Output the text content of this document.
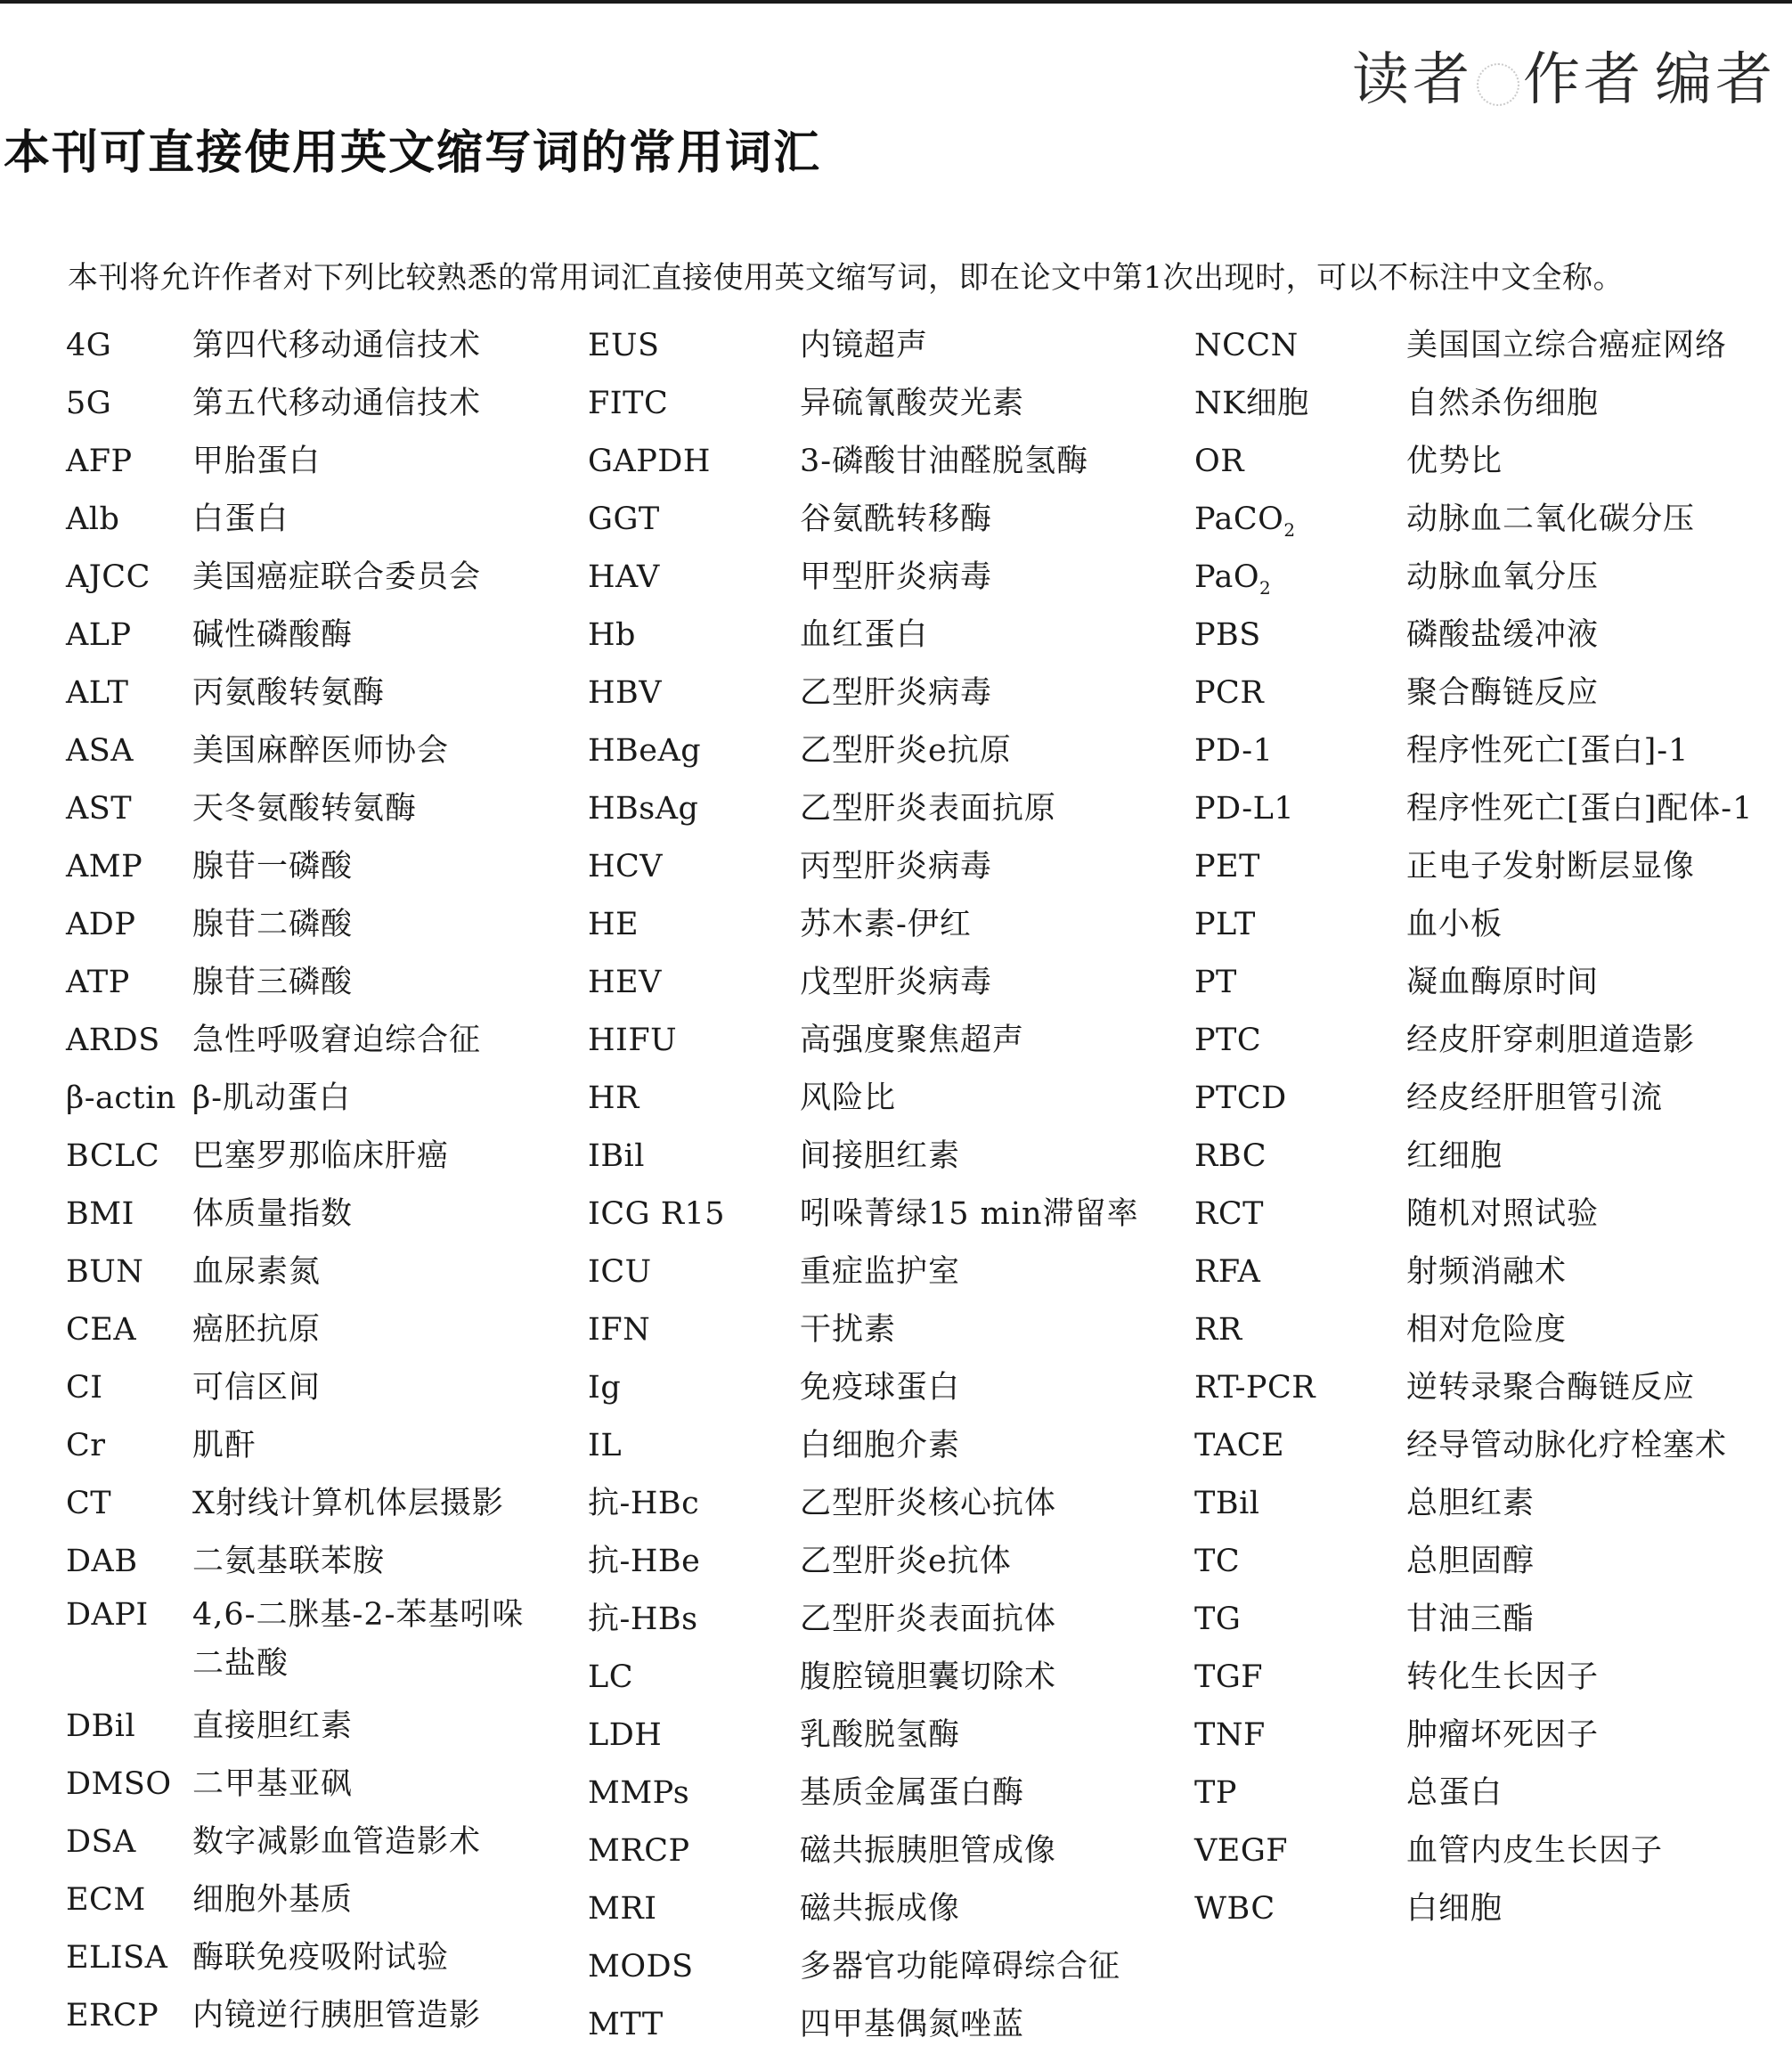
读者 作者 编者
本刊可直接使用英文缩写词的常用词汇

本刊将允许作者对下列比较熟悉的常用词汇直接使用英文缩写词，即在论文中第1次出现时，可以不标注中文全称。

4G	第四代移动通信技术
5G	第五代移动通信技术
AFP	甲胎蛋白
Alb	白蛋白
AJCC	美国癌症联合委员会
ALP	碱性磷酸酶
ALT	丙氨酸转氨酶
ASA	美国麻醉医师协会
AST	天冬氨酸转氨酶
AMP	腺苷一磷酸
ADP	腺苷二磷酸
ATP	腺苷三磷酸
ARDS	急性呼吸窘迫综合征
β-actin β-肌动蛋白
BCLC	巴塞罗那临床肝癌
BMI	体质量指数
BUN	血尿素氮
CEA	癌胚抗原
CI	可信区间
Cr	肌酐
CT	X射线计算机体层摄影
DAB	二氨基联苯胺
DAPI	4,6-二脒基-2-苯基吲哚二盐酸
DBil	直接胆红素
DMSO 二甲基亚砜
DSA	数字减影血管造影术
ECM	细胞外基质
ELISA 酶联免疫吸附试验
ERCP	内镜逆行胰胆管造影
EUS	内镜超声
FITC	异硫氰酸荧光素
GAPDH	3-磷酸甘油醛脱氢酶
GGT	谷氨酰转移酶
HAV	甲型肝炎病毒
Hb	血红蛋白
HBV	乙型肝炎病毒
HBeAg	乙型肝炎e抗原
HBsAg	乙型肝炎表面抗原
HCV	丙型肝炎病毒
HE	苏木素-伊红
HEV	戊型肝炎病毒
HIFU	高强度聚焦超声
HR	风险比
IBil	间接胆红素
ICG R15	吲哚菁绿15 min滞留率
ICU	重症监护室
IFN	干扰素
Ig	免疫球蛋白
IL	白细胞介素
抗-HBc	乙型肝炎核心抗体
抗-HBe	乙型肝炎e抗体
抗-HBs	乙型肝炎表面抗体
LC	腹腔镜胆囊切除术
LDH	乳酸脱氢酶
MMPs	基质金属蛋白酶
MRCP	磁共振胰胆管成像
MRI	磁共振成像
MODS	多器官功能障碍综合征
MTT	四甲基偶氮唑蓝
NCCN	美国国立综合癌症网络
NK细胞	自然杀伤细胞
OR	优势比
PaCO$_2$	动脉血二氧化碳分压
PaO$_2$	动脉血氧分压
PBS	磷酸盐缓冲液
PCR	聚合酶链反应
PD-1	程序性死亡[蛋白]-1
PD-L1	程序性死亡[蛋白]配体-1
PET	正电子发射断层显像
PLT	血小板
PT	凝血酶原时间
PTC	经皮肝穿刺胆道造影
PTCD	经皮经肝胆管引流
RBC	红细胞
RCT	随机对照试验
RFA	射频消融术
RR	相对危险度
RT-PCR	逆转录聚合酶链反应
TACE	经导管动脉化疗栓塞术
TBil	总胆红素
TC	总胆固醇
TG	甘油三酯
TGF	转化生长因子
TNF	肿瘤坏死因子
TP	总蛋白
VEGF	血管内皮生长因子
WBC	白细胞
